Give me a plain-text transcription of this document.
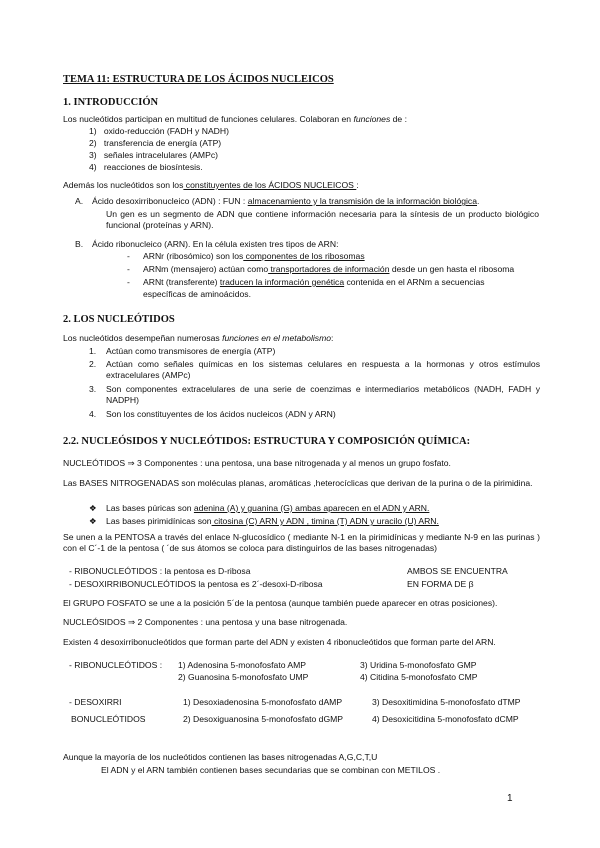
TEMA 11: ESTRUCTURA DE LOS ÁCIDOS NUCLEICOS
1. INTRODUCCIÓN
Los nucleótidos participan en multitud de funciones celulares. Colaboran en funciones de :
1) oxido-reducción (FADH y NADH)
2) transferencia de energía (ATP)
3) señales intracelulares (AMPc)
4) reacciones de biosíntesis.
Además los nucleótidos son los constituyentes de los ÁCIDOS NUCLEICOS :
A. Ácido desoxirribonucleico (ADN) : FUN : almacenamiento y la transmisión de la información biológica.
Un gen es un segmento de ADN que contiene información necesaria para la síntesis de un producto biológico funcional (proteínas y ARN).
B. Ácido ribonucleico (ARN). En la célula existen tres tipos de ARN:
- ARNr (ribosómico) son los componentes de los ribosomas
- ARNm (mensajero) actúan como transportadores de información desde un gen hasta el ribosoma
- ARNt (transferente) traducen la información genética contenida en el ARNm a secuencias
específicas de aminoácidos.
2. LOS NUCLEÓTIDOS
Los nucleótidos desempeñan numerosas funciones en el metabolismo:
1. Actúan como transmisores de energía (ATP)
2. Actúan como señales químicas en los sistemas celulares en respuesta a la hormonas y otros estímulos extracelulares (AMPc)
3. Son componentes extracelulares de una serie de coenzimas e intermediarios metabólicos (NADH, FADH y NADPH)
4. Son los constituyentes de los ácidos nucleicos (ADN y ARN)
2.2. NUCLEÓSIDOS Y NUCLEÓTIDOS: ESTRUCTURA Y COMPOSICIÓN QUÍMICA:
NUCLEÓTIDOS ⇒ 3 Componentes : una pentosa, una base nitrogenada y al menos un grupo fosfato.
Las BASES NITROGENADAS son moléculas planas, aromáticas ,heterocíclicas que derivan de la purina o de la pirimidina.
❖ Las bases púricas son adenina (A) y guanina (G) ambas aparecen en el ADN y ARN.
❖ Las bases pirimidínicas son citosina (C) ARN y ADN , timina (T) ADN y uracilo (U) ARN.
Se unen a la PENTOSA a través del enlace N-glucosídico ( mediante N-1 en la pirimidínicas y mediante N-9 en las purinas ) con el C´-1 de la pentosa ( ´de sus átomos se coloca para distinguirlos de las bases nitrogenadas)
- RIBONUCLEÓTIDOS : la pentosa es D-ribosa
- DESOXIRRIBONUCLEÓTIDOS la pentosa es 2´-desoxi-D-ribosa
AMBOS SE ENCUENTRA
EN FORMA DE β
El GRUPO FOSFATO se une a la posición 5´de la pentosa (aunque también puede aparecer en otras posiciones).
NUCLEÓSIDOS ⇒ 2 Componentes : una pentosa y una base nitrogenada.
Existen 4 desoxirribonucleótidos que forman parte del ADN y existen 4 ribonucleótidos que forman parte del ARN.
- RIBONUCLEÓTIDOS : 1) Adenosina 5-monofosfato AMP
2) Guanosina 5-monofosfato UMP
3) Uridina 5-monofosfato GMP
4) Citidina 5-monofosfato CMP
- DESOXIRRI
BONUCLEÓTIDOS
1) Desoxiadenosina 5-monofosfato dAMP
2) Desoxiguanosina 5-monofosfato dGMP
3) Desoxitimidina 5-monofosfato dTMP
4) Desoxicitidina 5-monofosfato dCMP
Aunque la mayoría de los nucleótidos contienen las bases nitrogenadas A,G,C,T,U
El ADN y el ARN también contienen bases secundarias que se combinan con METILOS .
1
